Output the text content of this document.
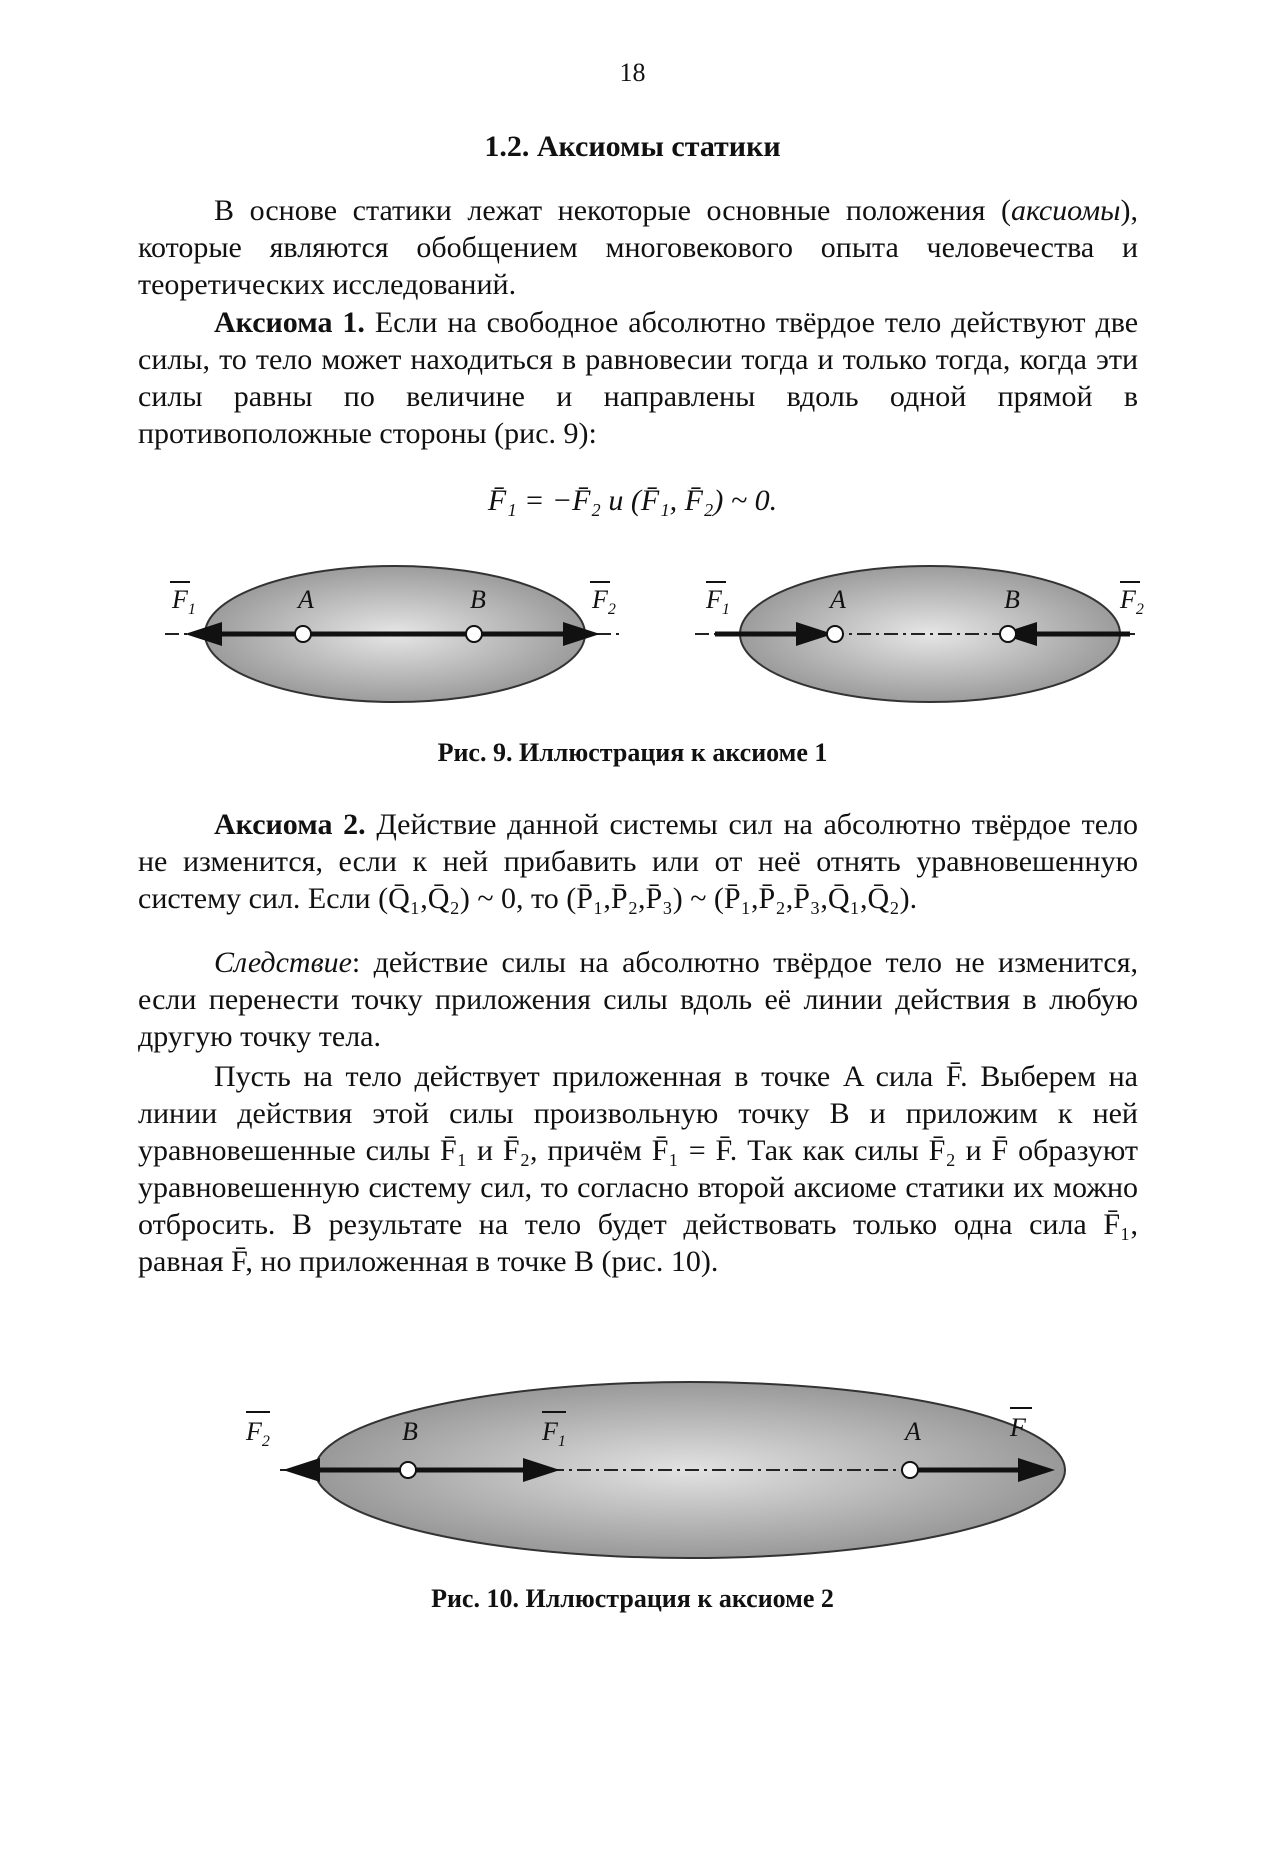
18
1.2. Аксиомы статики

В основе статики лежат некоторые основные положения (аксиомы), которые являются обобщением многовекового опыта человечества и теоретических исследований.

Аксиома 1. Если на свободное абсолютно твёрдое тело действуют две силы, то тело может находиться в равновесии тогда и только тогда, когда эти силы равны по величине и направлены вдоль одной прямой в противоположные стороны (рис. 9):

F̄₁ = −F̄₂ и (F̄₁, F̄₂) ~ 0.
$F_1$	$F_2$
A	B	$F_1$	$F_2$
A	B
Рис. 9. Иллюстрация к аксиоме 1

Аксиома 2. Действие данной системы сил на абсолютно твёрдое тело не изменится, если к ней прибавить или от неё отнять уравновешенную систему сил. Если (Q̄₁,Q̄₂) ~ 0, то (P̄₁,P̄₂,P̄₃) ~ (P̄₁,P̄₂,P̄₃,Q̄₁,Q̄₂).

Следствие: действие силы на абсолютно твёрдое тело не изменится, если перенести точку приложения силы вдоль её линии действия в любую другую точку тела.

Пусть на тело действует приложенная в точке A сила F̄. Выберем на линии действия этой силы произвольную точку B и приложим к ней уравновешенные силы F̄₁ и F̄₂, причём F̄₁ = F̄. Так как силы F̄₂ и F̄ образуют уравновешенную систему сил, то согласно второй аксиоме статики их можно отбросить. В результате на тело будет действовать только одна сила F̄₁, равная F̄, но приложенная в точке B (рис. 10).

$F_2$	$F_1$	F
B	A
Рис. 10. Иллюстрация к аксиоме 2
